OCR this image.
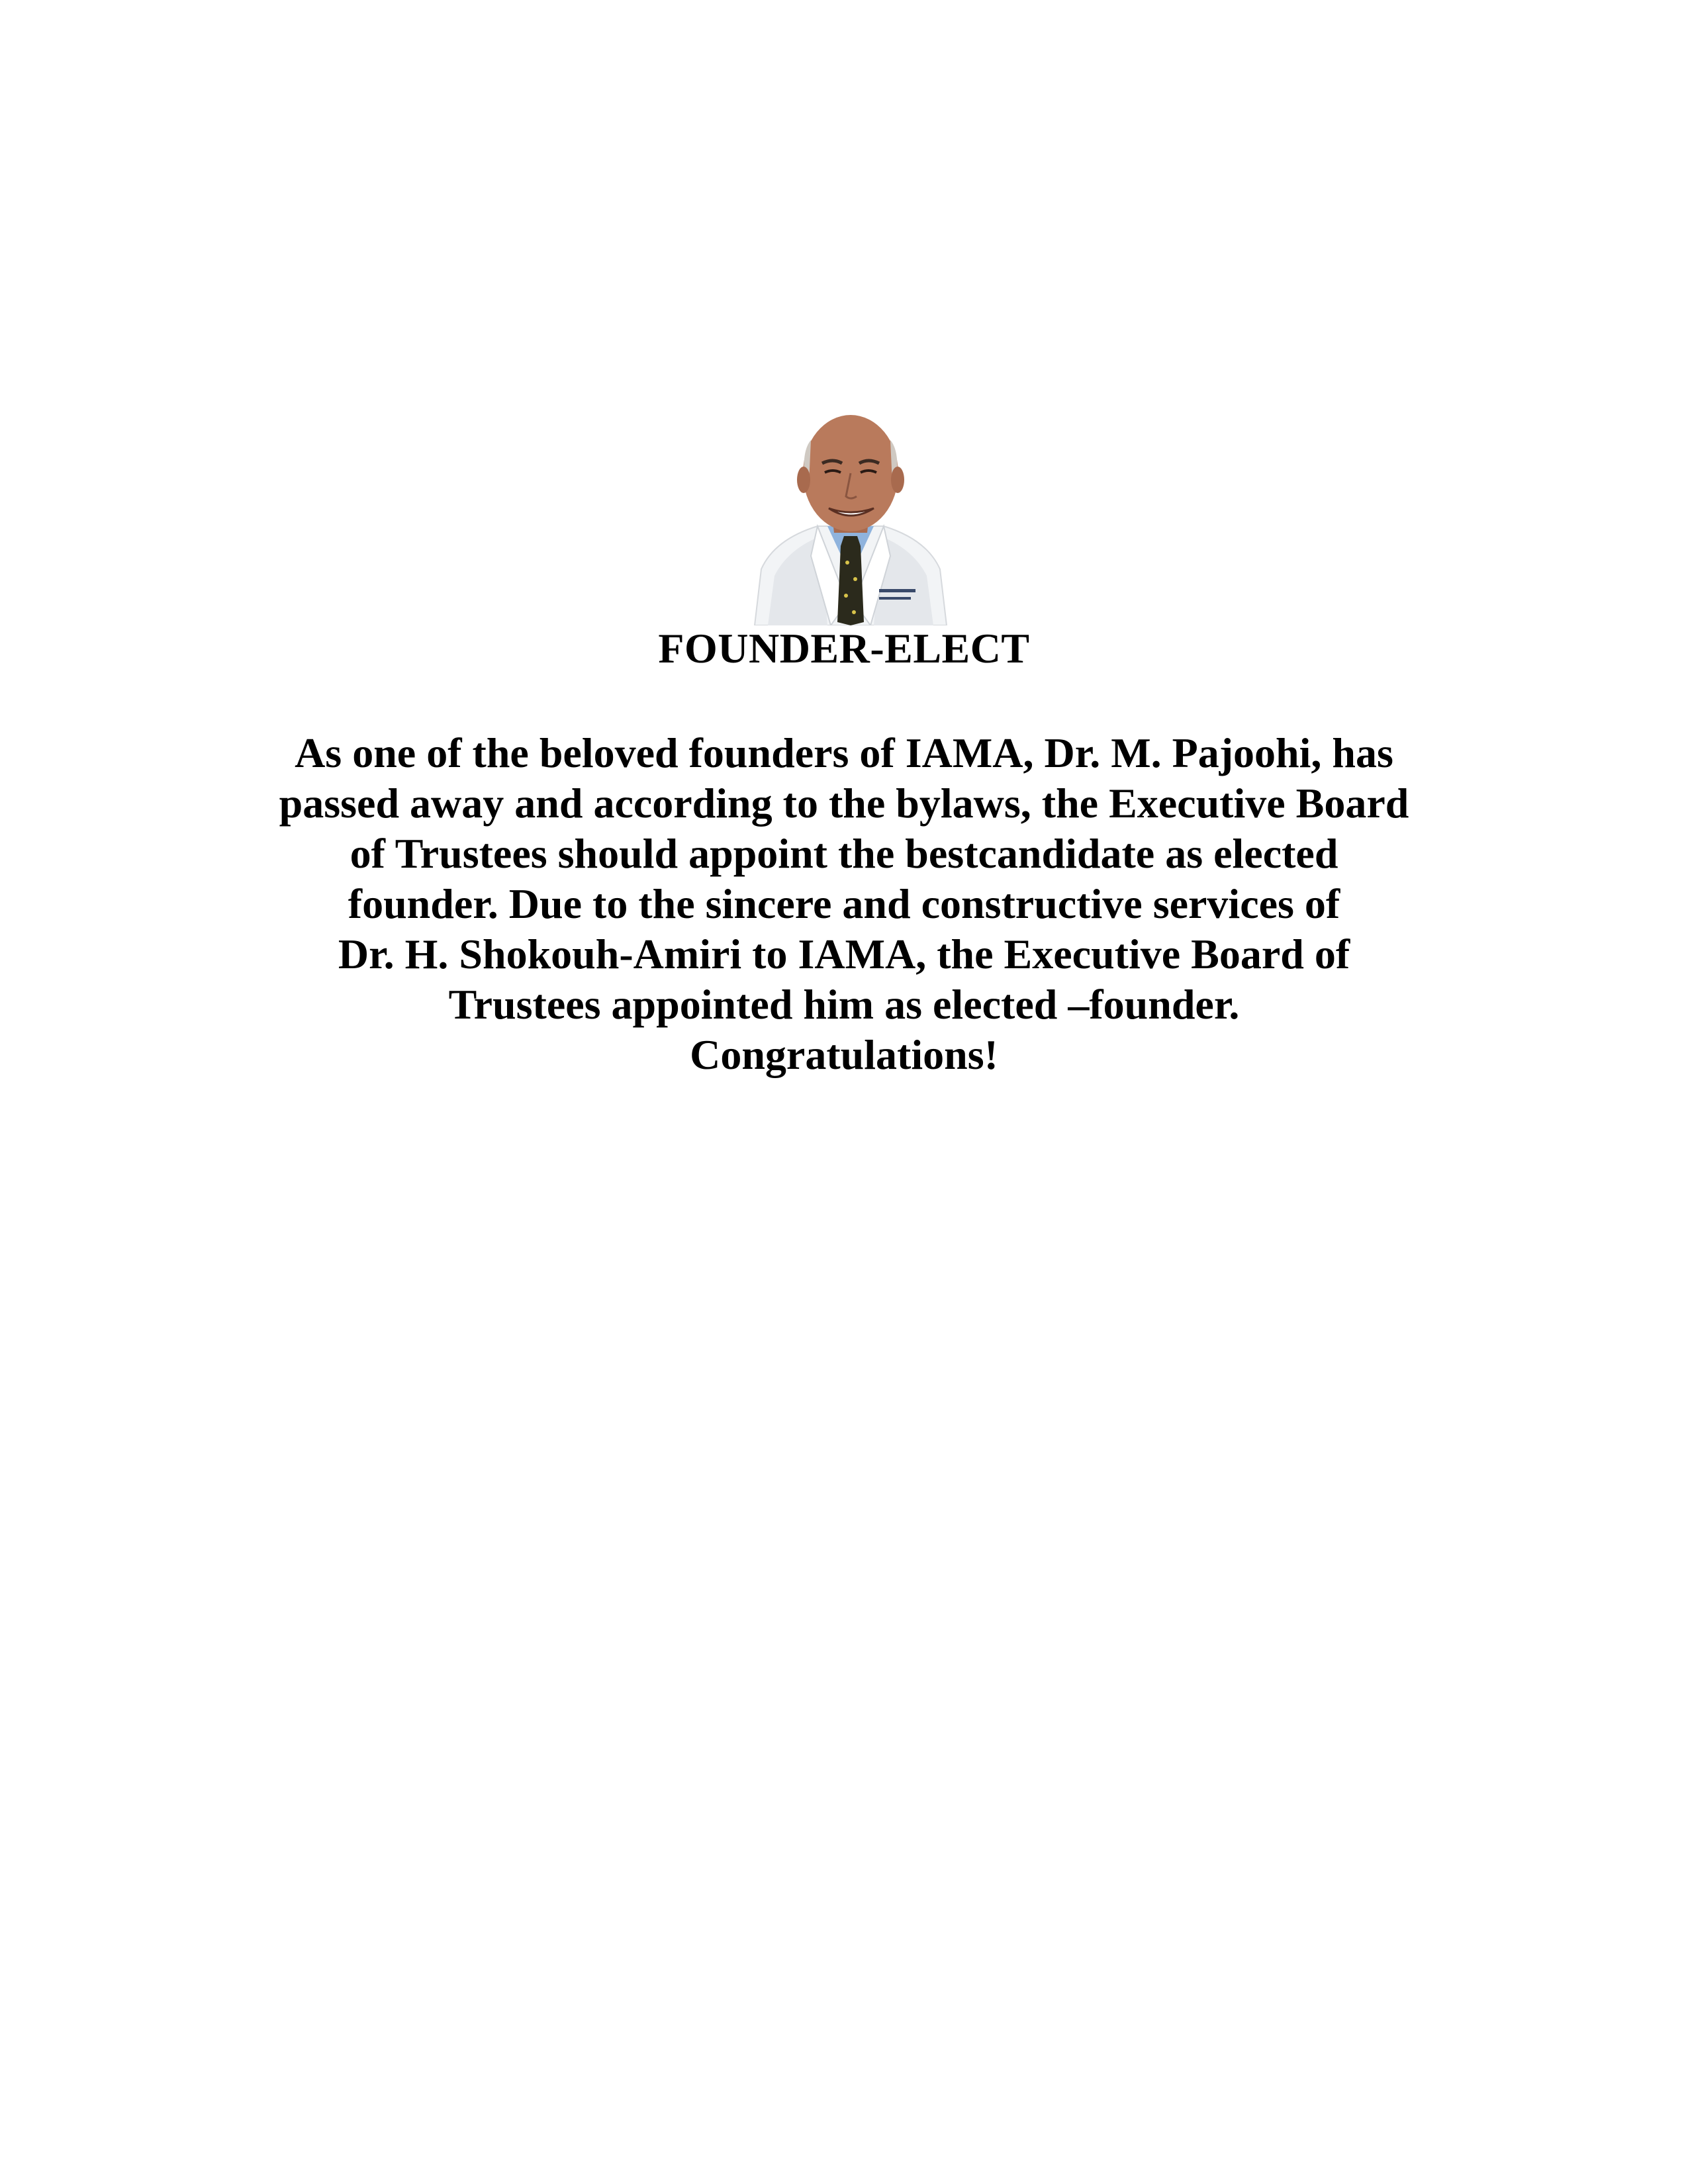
FOUNDER-ELECT
As one of the beloved founders of IAMA, Dr. M. Pajoohi, has
passed away and according to the bylaws, the Executive Board
of Trustees should appoint the bestcandidate as elected
founder. Due to the sincere and constructive services of
Dr. H. Shokouh-Amiri to IAMA, the Executive Board of
Trustees appointed him as elected –founder.
Congratulations!
